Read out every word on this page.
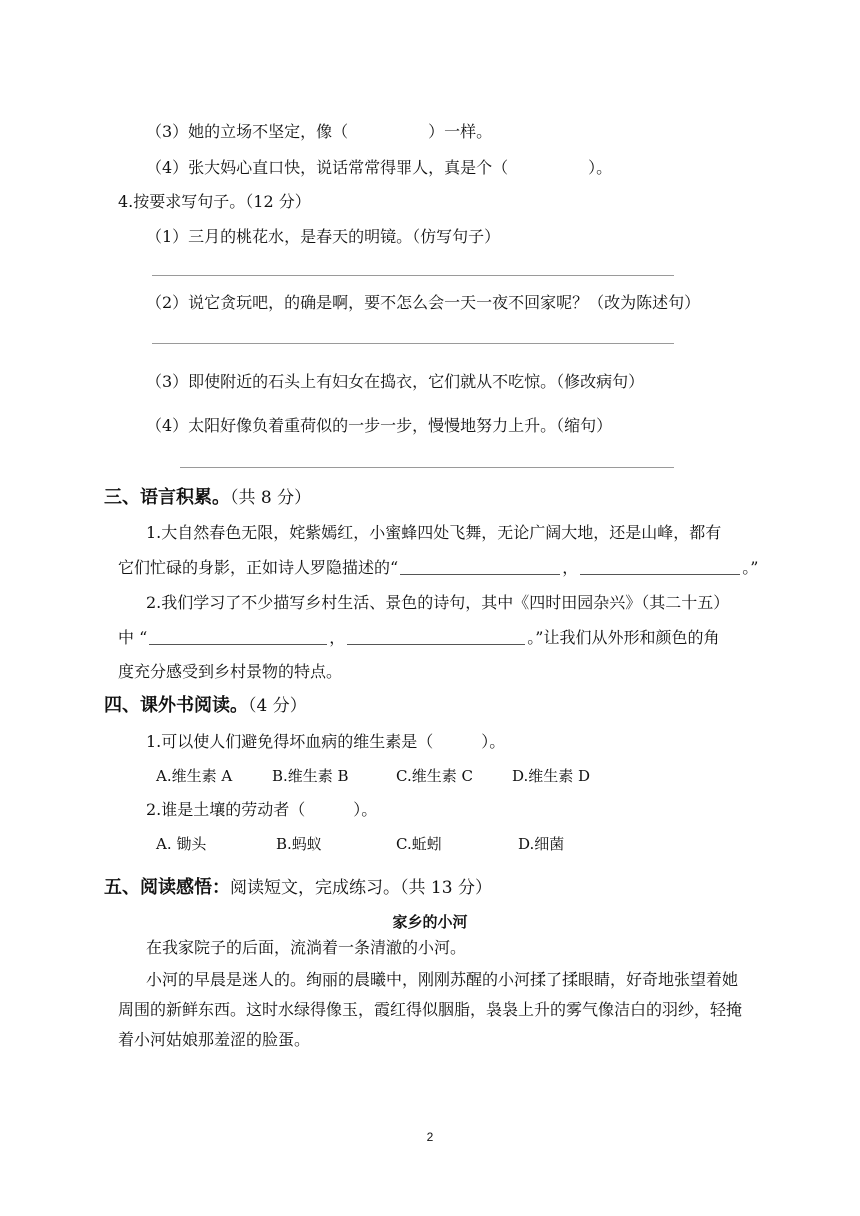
（3）她的立场不坚定，像（　　　　　）一样。
（4）张大妈心直口快，说话常常得罪人，真是个（　　　　　）。
4.按要求写句子。（12 分）
（1）三月的桃花水，是春天的明镜。（仿写句子）
（2）说它贪玩吧，的确是啊，要不怎么会一天一夜不回家呢？（改为陈述句）
（3）即使附近的石头上有妇女在捣衣，它们就从不吃惊。（修改病句）
（4）太阳好像负着重荷似的一步一步，慢慢地努力上升。（缩句）
三、语言积累。（共 8 分）
1.大自然春色无限，姹紫嫣红，小蜜蜂四处飞舞，无论广阔大地，还是山峰，都有
它们忙碌的身影，正如诗人罗隐描述的“	，	。”
2.我们学习了不少描写乡村生活、景色的诗句，其中《四时田园杂兴》（其二十五）
中 “	，	。”让我们从外形和颜色的角
度充分感受到乡村景物的特点。
四、课外书阅读。（4 分）
1.可以使人们避免得坏血病的维生素是（　　　）。
A.维生素 A	B.维生素 B	C.维生素 C	D.维生素 D
2.谁是土壤的劳动者（　　　）。
A. 锄头	B.蚂蚁	C.蚯蚓	D.细菌
五、阅读感悟：阅读短文，完成练习。（共 13 分）
家乡的小河
在我家院子的后面，流淌着一条清澈的小河。
小河的早晨是迷人的。绚丽的晨曦中，刚刚苏醒的小河揉了揉眼睛，好奇地张望着她
周围的新鲜东西。这时水绿得像玉，霞红得似胭脂，袅袅上升的雾气像洁白的羽纱，轻掩
着小河姑娘那羞涩的脸蛋。
2
